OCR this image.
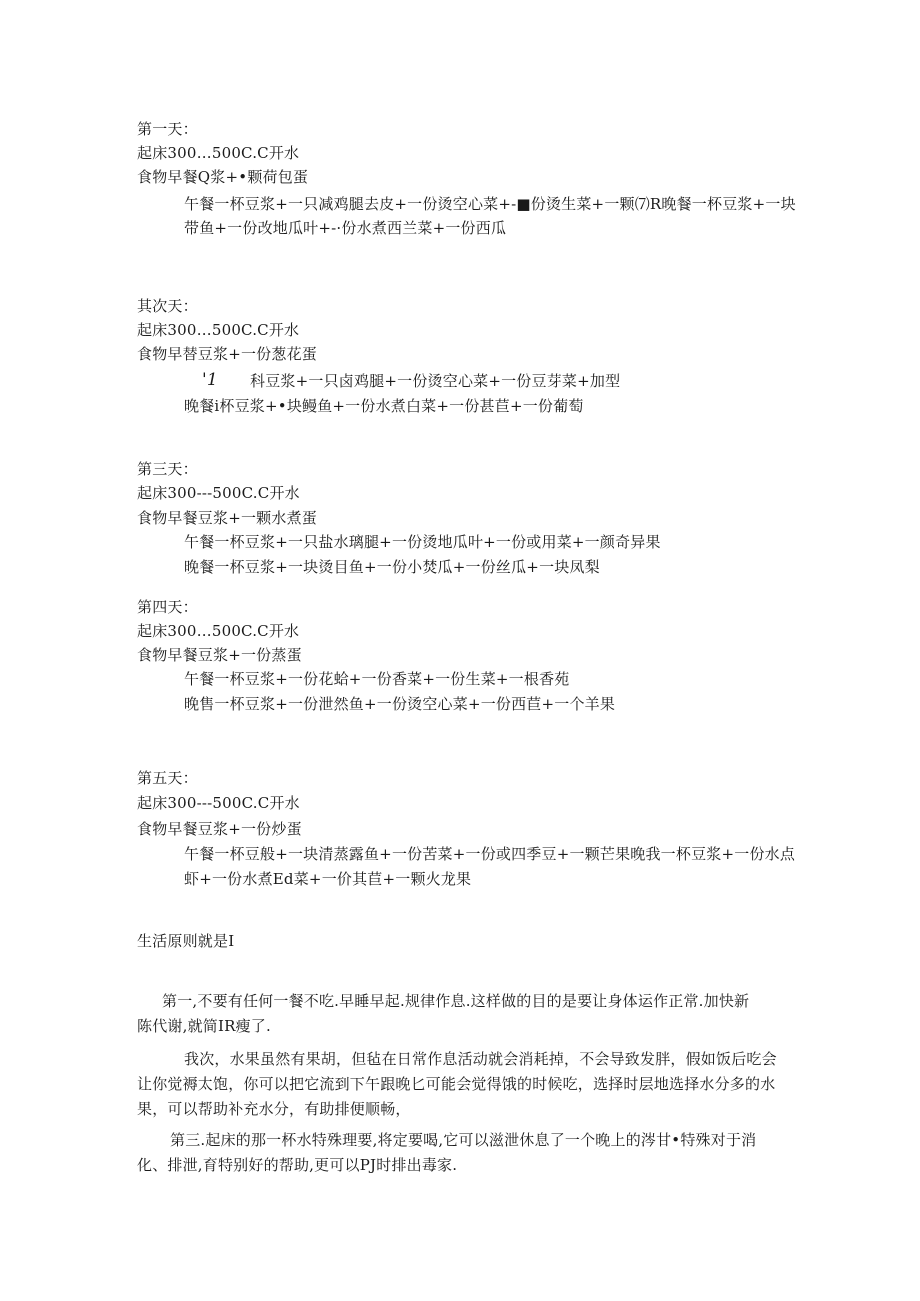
第一天：
起床300…500C.C开水
食物早餐Q浆+•颗荷包蛋
午餐一杯豆浆+一只减鸡腿去皮+一份烫空心菜+-■份烫生菜+一颗⑺R晚餐一杯豆浆+一块
带鱼+一份改地瓜叶+-·份水煮西兰菜+一份西瓜
其次天：
起床300…500C.C开水
食物早替豆浆+一份葱花蛋
'1 科豆浆+一只卤鸡腿+一份烫空心菜+一份豆芽菜+加型
晚餐i杯豆浆+•块鳗鱼+一份水煮白菜+一份甚苣+一份葡萄
第三天：
起床300---500C.C开水
食物早餐豆浆+一颗水煮蛋
午餐一杯豆浆+一只盐水璃腿+一份烫地瓜叶+一份或用菜+一颜奇异果
晚餐一杯豆浆+一块烫目鱼+一份小焚瓜+一份丝瓜+一块凤梨
第四天：
起床300…500C.C开水
食物早餐豆浆+一份蒸蛋
午餐一杯豆浆+一份花蛤+一份香菜+一份生菜+一根香苑
晚售一杯豆浆+一份泄然鱼+一份烫空心菜+一份西苣+一个羊果
第五天：
起床300---500C.C开水
食物早餐豆浆+一份炒蛋
午餐一杯豆般+一块清蒸露鱼+一份苦菜+一份或四季豆+一颗芒果晚我一杯豆浆+一份水点
虾+一份水煮Ed菜+一价其苣+一颗火龙果
生活原则就是I
第一,不要有任何一餐不吃.早睡早起.规律作息.这样做的目的是要让身体运作正常.加快新
陈代谢,就简IR瘦了.
我次，水果虽然有果胡，但毡在日常作息活动就会消耗掉，不会导致发胖，假如饭后吃会
让你觉褥太饱，你可以把它流到下午跟晚匕可能会觉得饿的时候吃，选择时层地选择水分多的水
果，可以帮助补充水分，有助排便顺畅，
第三.起床的那一杯水特殊理要,将定要喝,它可以滋泄休息了一个晚上的涔甘•特殊对于消
化、排泄,育特别好的帮助,更可以PJ时排出毒家.
